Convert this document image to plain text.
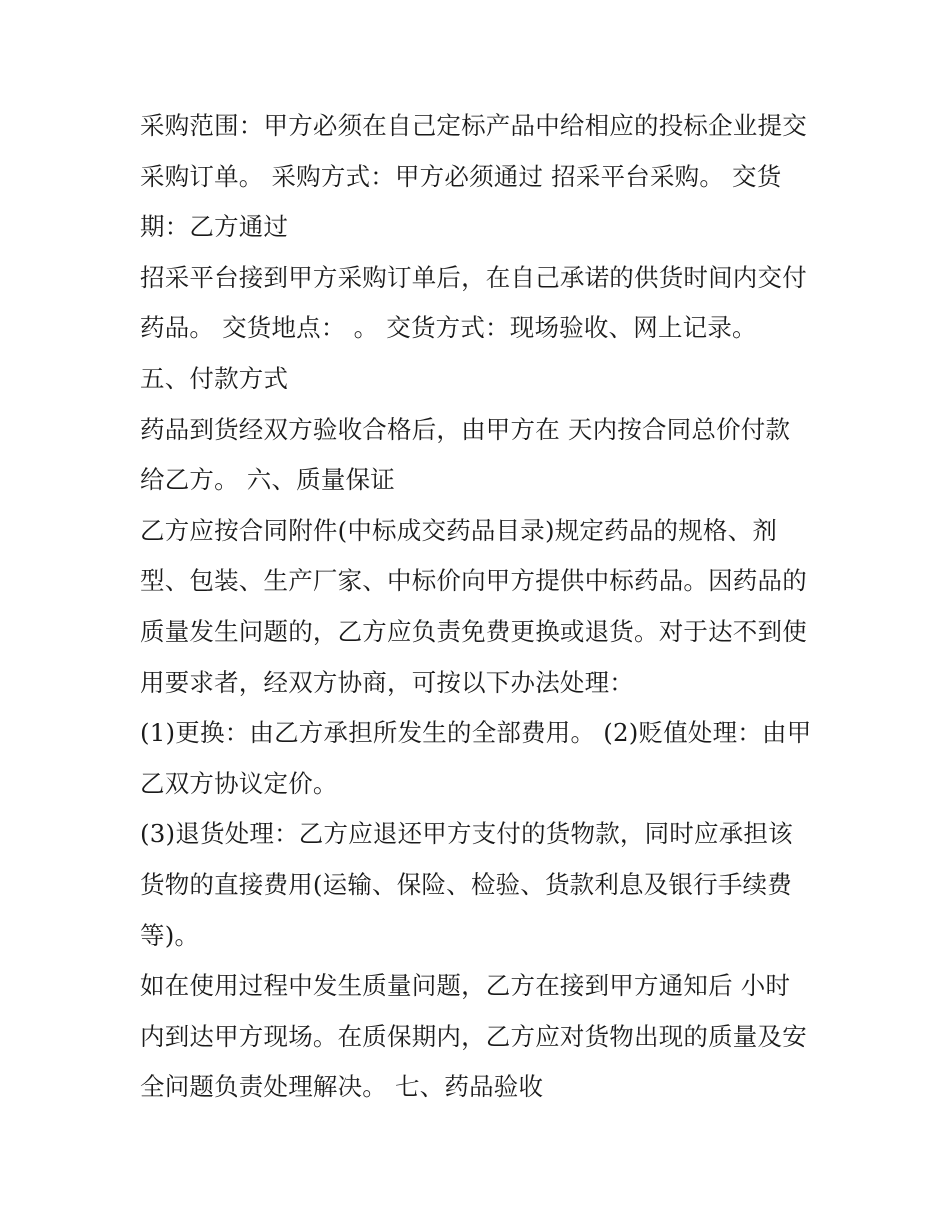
采购范围：甲方必须在自己定标产品中给相应的投标企业提交
采购订单。 采购方式：甲方必须通过 招采平台采购。 交货
期：乙方通过
招采平台接到甲方采购订单后，在自己承诺的供货时间内交付
药品。 交货地点： 。 交货方式：现场验收、网上记录。
五、付款方式
药品到货经双方验收合格后，由甲方在 天内按合同总价付款
给乙方。 六、质量保证
乙方应按合同附件(中标成交药品目录)规定药品的规格、剂
型、包装、生产厂家、中标价向甲方提供中标药品。因药品的
质量发生问题的，乙方应负责免费更换或退货。对于达不到使
用要求者，经双方协商，可按以下办法处理：
(1)更换：由乙方承担所发生的全部费用。 (2)贬值处理：由甲
乙双方协议定价。
(3)退货处理：乙方应退还甲方支付的货物款，同时应承担该
货物的直接费用(运输、保险、检验、货款利息及银行手续费
等)。
如在使用过程中发生质量问题，乙方在接到甲方通知后 小时
内到达甲方现场。在质保期内，乙方应对货物出现的质量及安
全问题负责处理解决。 七、药品验收
